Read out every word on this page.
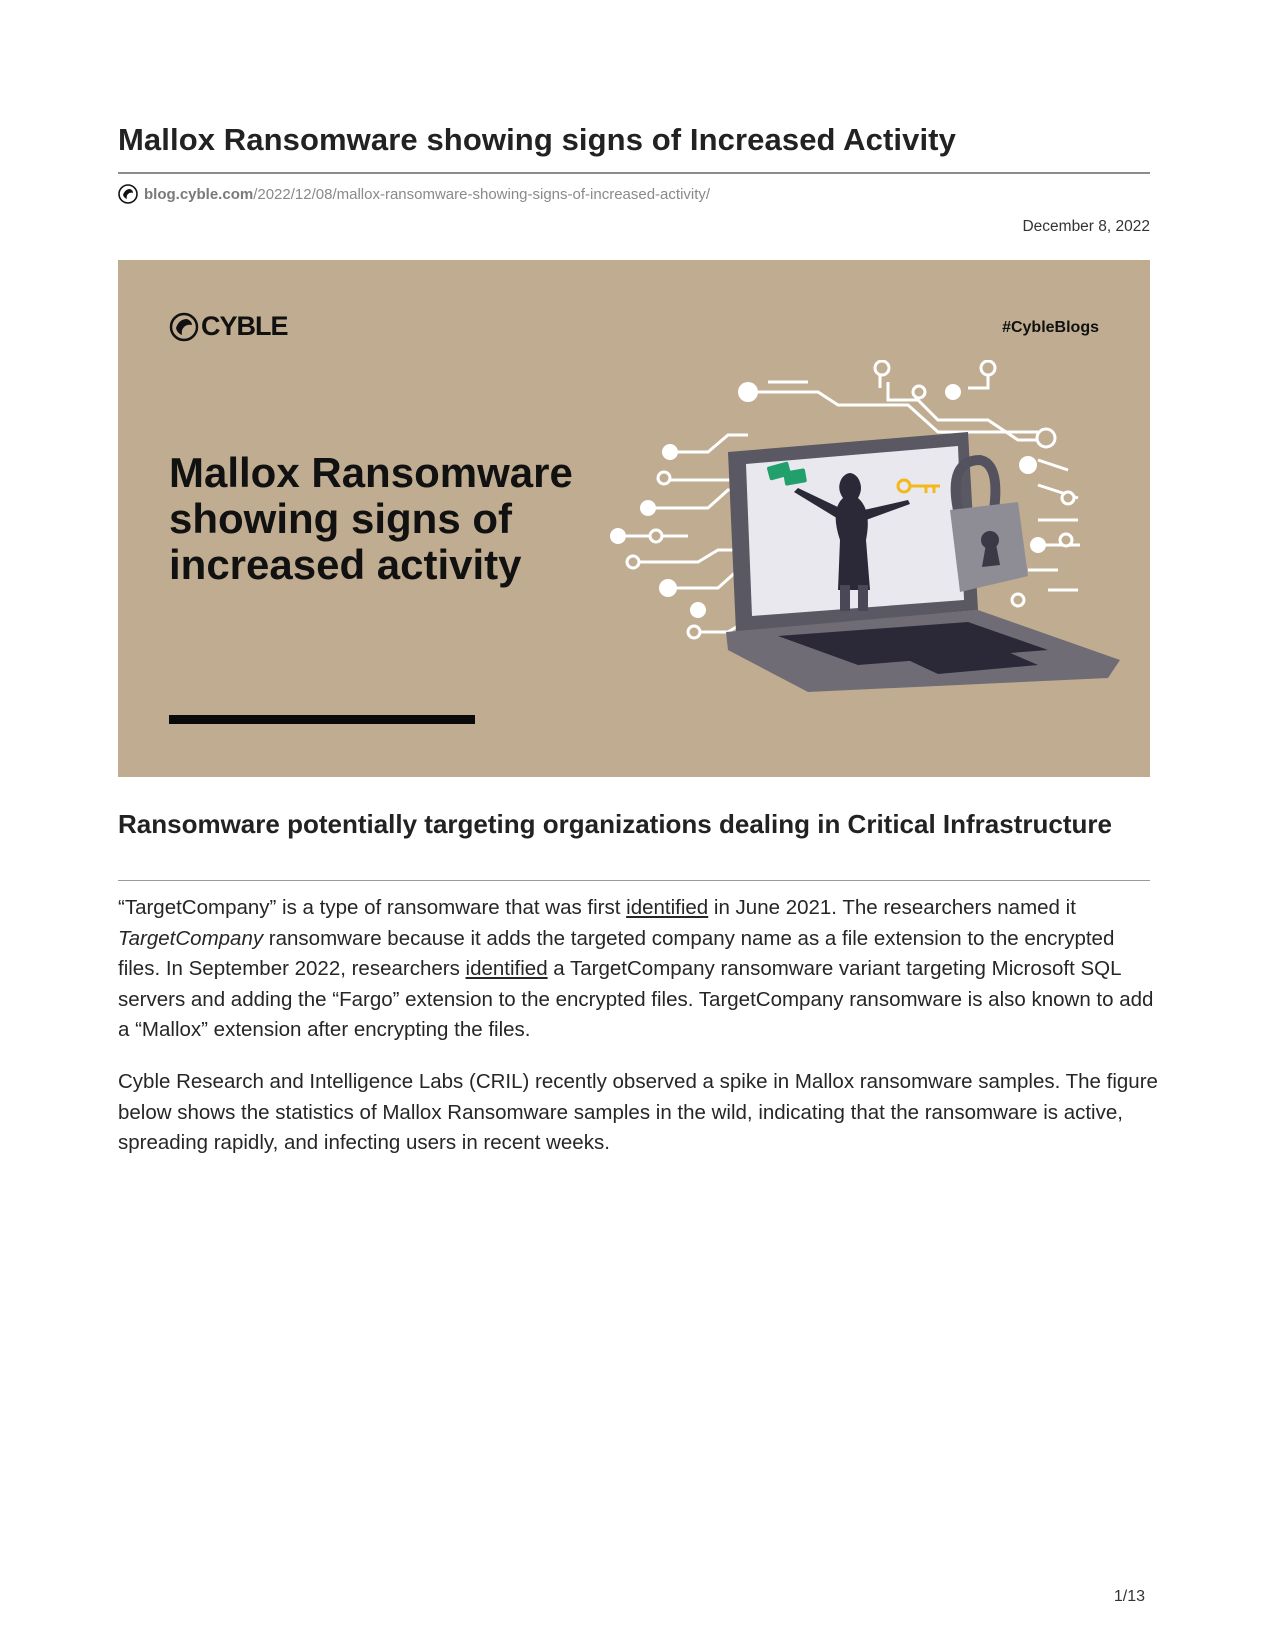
Mallox Ransomware showing signs of Increased Activity
blog.cyble.com /2022/12/08/mallox-ransomware-showing-signs-of-increased-activity/
December 8, 2022
CYBLE	#CybleBlogs
Mallox Ransomware
showing signs of
increased activity
Ransomware potentially targeting organizations dealing in Critical Infrastructure

“TargetCompany” is a type of ransomware that was first identified in June 2021. The researchers named it TargetCompany ransomware because it adds the targeted company name as a file extension to the encrypted files. In September 2022, researchers identified a TargetCompany ransomware variant targeting Microsoft SQL servers and adding the “Fargo” extension to the encrypted files. TargetCompany ransomware is also known to add a “Mallox” extension after encrypting the files.

Cyble Research and Intelligence Labs (CRIL) recently observed a spike in Mallox ransomware samples. The figure below shows the statistics of Mallox Ransomware samples in the wild, indicating that the ransomware is active, spreading rapidly, and infecting users in recent weeks.

1/13
